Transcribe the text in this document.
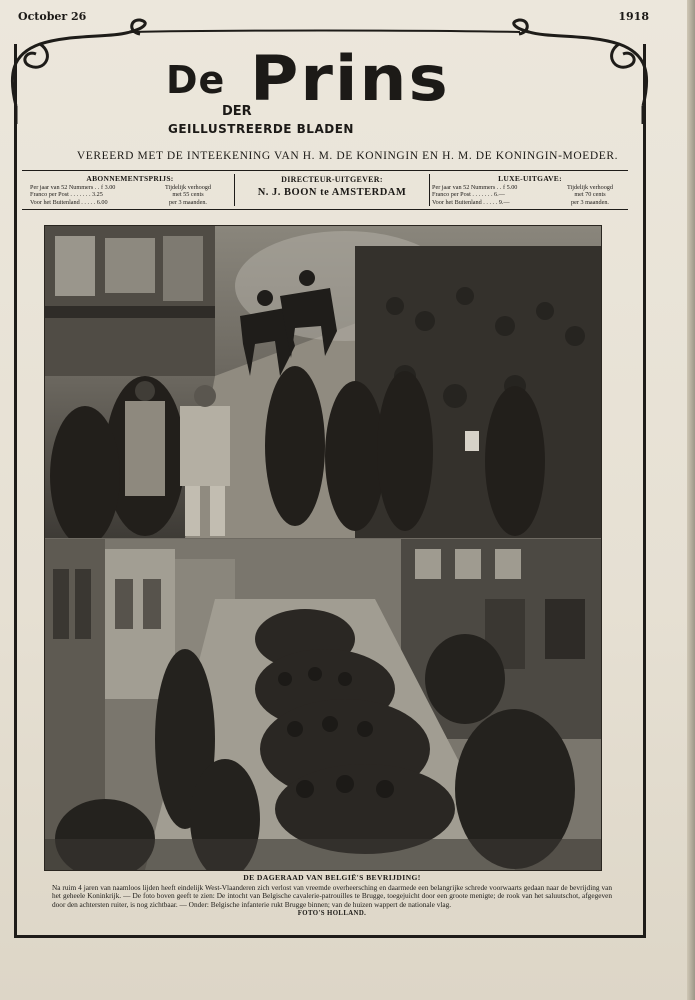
October 26	1918
De Prins
DER
GEILLUSTREERDE BLADEN
VEREERD MET DE INTEEKENING VAN H. M. DE KONINGIN EN H. M. DE KONINGIN-MOEDER.
ABONNEMENTSPRIJS:
Per jaar van 52 Nummers . . f 3.00
Franco per Post . . . . . . . 3.25
Voor het Buitenland . . . . . 6.00
Tijdelijk verhoogd
met 55 cents
per 3 maanden.
DIRECTEUR-UITGEVER:
N. J. BOON te AMSTERDAM
LUXE-UITGAVE:
Per jaar van 52 Nummers . . f 5.00
Franco per Post . . . . . . . 6.—
Voor het Buitenland . . . . . 9.—
Tijdelijk verhoogd
met 70 cents
per 3 maanden.
DE DAGERAAD VAN BELGIË'S BEVRIJDING!
Na ruim 4 jaren van naamloos lijden heeft eindelijk West-Vlaanderen zich verlost van vreemde overheersching en daarmede een belangrijke schrede voorwaarts gedaan naar de bevrijding van het geheele Koninkrijk. — De foto boven geeft te zien: De intocht van Belgische cavalerie-patrouilles te Brugge, toegejuicht door een groote menigte; de rook van het saluutschot, afgegeven door den achtersten ruiter, is nog zichtbaar. — Onder: Belgische infanterie rukt Brugge binnen; van de huizen wappert de nationale vlag.
FOTO'S HOLLAND.
